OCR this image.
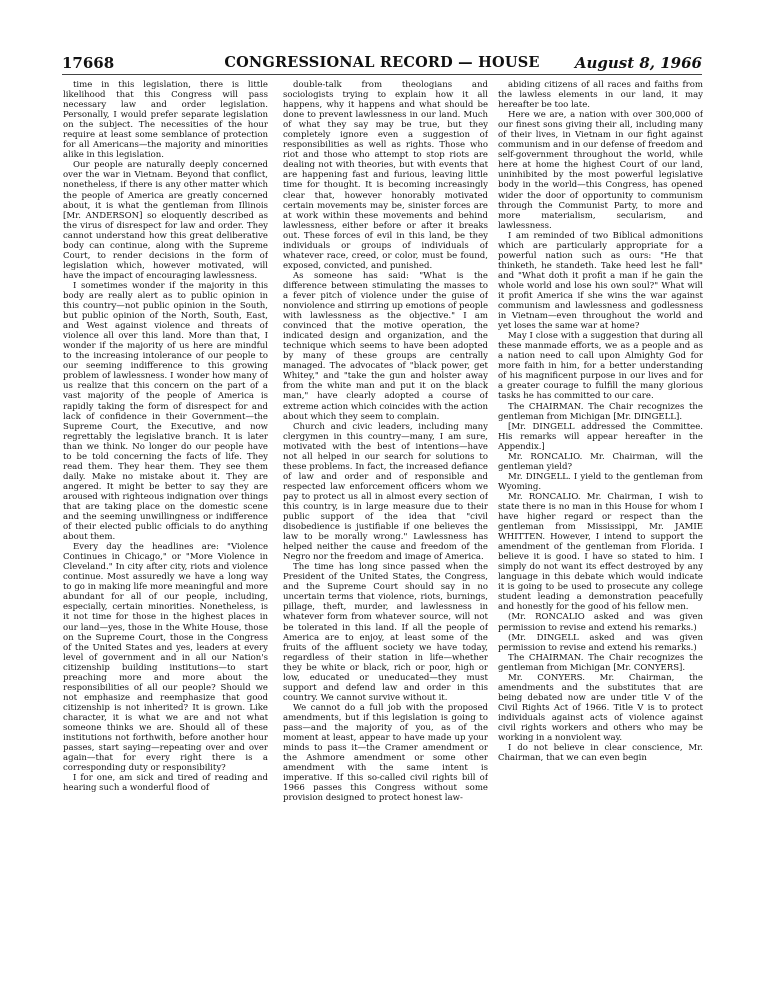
17668	CONGRESSIONAL RECORD — HOUSE	August 8, 1966

time in this legislation, there is little likelihood that this Congress will pass necessary law and order legislation. Personally, I would prefer separate legislation on the subject. The necessities of the hour require at least some semblance of protection for all Americans—the majority and minorities alike in this legislation.

Our people are naturally deeply concerned over the war in Vietnam. Beyond that conflict, nonetheless, if there is any other matter which the people of America are greatly concerned about, it is what the gentleman from Illinois [Mr. ANDERSON] so eloquently described as the virus of disrespect for law and order. They cannot understand how this great deliberative body can continue, along with the Supreme Court, to render decisions in the form of legislation which, however motivated, will have the impact of encouraging lawlessness.

I sometimes wonder if the majority in this body are really alert as to public opinion in this country—not public opinion in the South, but public opinion of the North, South, East, and West against violence and threats of violence all over this land. More than that, I wonder if the majority of us here are mindful to the increasing intolerance of our people to our seeming indifference to this growing problem of lawlessness. I wonder how many of us realize that this concern on the part of a vast majority of the people of America is rapidly taking the form of disrespect for and lack of confidence in their Government—the Supreme Court, the Executive, and now regrettably the legislative branch. It is later than we think. No longer do our people have to be told concerning the facts of life. They read them. They hear them. They see them daily. Make no mistake about it. They are angered. It might be better to say they are aroused with righteous indignation over things that are taking place on the domestic scene and the seeming unwillingness or indifference of their elected public officials to do anything about them.

Every day the headlines are: "Violence Continues in Chicago," or "More Violence in Cleveland." In city after city, riots and violence continue. Most assuredly we have a long way to go in making life more meaningful and more abundant for all of our people, including, especially, certain minorities. Nonetheless, is it not time for those in the highest places in our land—yes, those in the White House, those on the Supreme Court, those in the Congress of the United States and yes, leaders at every level of government and in all our Nation's citizenship building institutions—to start preaching more and more about the responsibilities of all our people? Should we not emphasize and reemphasize that good citizenship is not inherited? It is grown. Like character, it is what we are and not what someone thinks we are. Should all of these institutions not forthwith, before another hour passes, start saying—repeating over and over again—that for every right there is a corresponding duty or responsibility?

I for one, am sick and tired of reading and hearing such a wonderful flood of

double-talk from theologians and sociologists trying to explain how it all happens, why it happens and what should be done to prevent lawlessness in our land. Much of what they say may be true, but they completely ignore even a suggestion of responsibilities as well as rights. Those who riot and those who attempt to stop riots are dealing not with theories, but with events that are happening fast and furious, leaving little time for thought. It is becoming increasingly clear that, however honorably motivated certain movements may be, sinister forces are at work within these movements and behind lawlessness, either before or after it breaks out. These forces of evil in this land, be they individuals or groups of individuals of whatever race, creed, or color, must be found, exposed, convicted, and punished.

As someone has said: "What is the difference between stimulating the masses to a fever pitch of violence under the guise of nonviolence and stirring up emotions of people with lawlessness as the objective." I am convinced that the motive operation, the indicated design and organization, and the technique which seems to have been adopted by many of these groups are centrally managed. The advocates of "black power, get Whitey," and "take the gun and holster away from the white man and put it on the black man," have clearly adopted a course of extreme action which coincides with the action about which they seem to complain.

Church and civic leaders, including many clergymen in this country—many, I am sure, motivated with the best of intentions—have not all helped in our search for solutions to these problems. In fact, the increased defiance of law and order and of responsible and respected law enforcement officers whom we pay to protect us all in almost every section of this country, is in large measure due to their public support of the idea that "civil disobedience is justifiable if one believes the law to be morally wrong." Lawlessness has helped neither the cause and freedom of the Negro nor the freedom and image of America.

The time has long since passed when the President of the United States, the Congress, and the Supreme Court should say in no uncertain terms that violence, riots, burnings, pillage, theft, murder, and lawlessness in whatever form from whatever source, will not be tolerated in this land. If all the people of America are to enjoy, at least some of the fruits of the affluent society we have today, regardless of their station in life—whether they be white or black, rich or poor, high or low, educated or uneducated—they must support and defend law and order in this country. We cannot survive without it.

We cannot do a full job with the proposed amendments, but if this legislation is going to pass—and the majority of you, as of the moment at least, appear to have made up your minds to pass it—the Cramer amendment or the Ashmore amendment or some other amendment with the same intent is imperative. If this so-called civil rights bill of 1966 passes this Congress without some provision designed to protect honest law-

abiding citizens of all races and faiths from the lawless elements in our land, it may hereafter be too late.

Here we are, a nation with over 300,000 of our finest sons giving their all, including many of their lives, in Vietnam in our fight against communism and in our defense of freedom and self-government throughout the world, while here at home the highest Court of our land, uninhibited by the most powerful legislative body in the world—this Congress, has opened wider the door of opportunity to communism through the Communist Party, to more and more materialism, secularism, and lawlessness.

I am reminded of two Biblical admonitions which are particularly appropriate for a powerful nation such as ours: "He that thinketh, he standeth. Take heed lest he fall" and "What doth it profit a man if he gain the whole world and lose his own soul?" What will it profit America if she wins the war against communism and lawlessness and godlessness in Vietnam—even throughout the world and yet loses the same war at home?

May I close with a suggestion that during all these manmade efforts, we as a people and as a nation need to call upon Almighty God for more faith in him, for a better understanding of his magnificent purpose in our lives and for a greater courage to fulfill the many glorious tasks he has committed to our care.

The CHAIRMAN. The Chair recognizes the gentleman from Michigan [Mr. DINGELL].

[Mr. DINGELL addressed the Committee. His remarks will appear hereafter in the Appendix.]

Mr. RONCALIO. Mr. Chairman, will the gentleman yield?

Mr. DINGELL. I yield to the gentleman from Wyoming.

Mr. RONCALIO. Mr. Chairman, I wish to state there is no man in this House for whom I have higher regard or respect than the gentleman from Mississippi, Mr. JAMIE WHITTEN. However, I intend to support the amendment of the gentleman from Florida. I believe it is good. I have so stated to him. I simply do not want its effect destroyed by any language in this debate which would indicate it is going to be used to prosecute any college student leading a demonstration peacefully and honestly for the good of his fellow men.

(Mr. RONCALIO asked and was given permission to revise and extend his remarks.)

(Mr. DINGELL asked and was given permission to revise and extend his remarks.)

The CHAIRMAN. The Chair recognizes the gentleman from Michigan [Mr. CONYERS].

Mr. CONYERS. Mr. Chairman, the amendments and the substitutes that are being debated now are under title V of the Civil Rights Act of 1966. Title V is to protect individuals against acts of violence against civil rights workers and others who may be working in a nonviolent way.

I do not believe in clear conscience, Mr. Chairman, that we can even begin
